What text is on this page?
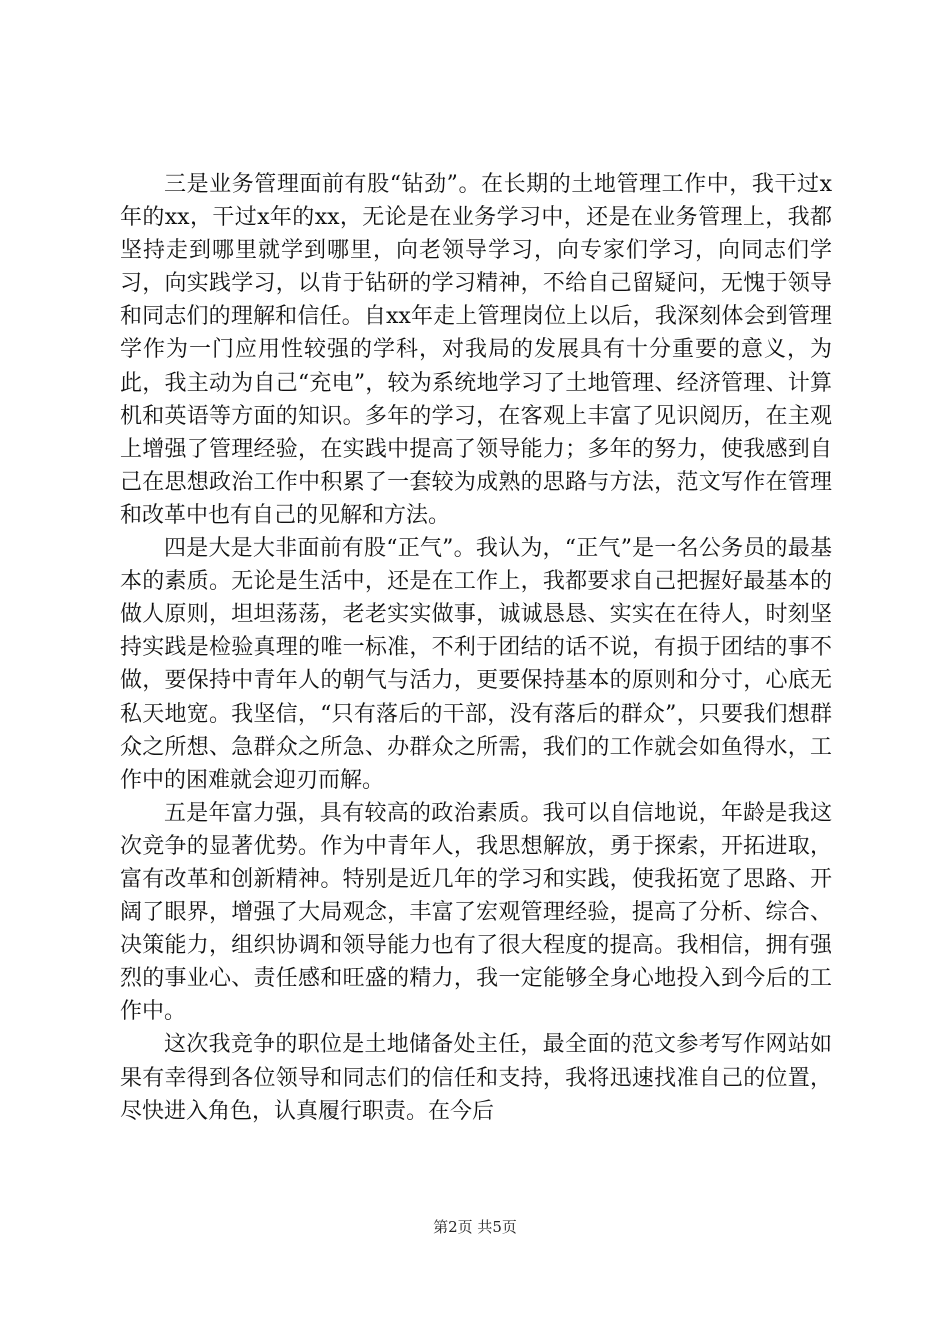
三是业务管理面前有股“钻劲”。在长期的土地管理工作中，我干过x年的xx，干过x年的xx，无论是在业务学习中，还是在业务管理上，我都坚持走到哪里就学到哪里，向老领导学习，向专家们学习，向同志们学习，向实践学习，以肯于钻研的学习精神，不给自己留疑问，无愧于领导和同志们的理解和信任。自xx年走上管理岗位上以后，我深刻体会到管理学作为一门应用性较强的学科，对我局的发展具有十分重要的意义，为此，我主动为自己“充电”，较为系统地学习了土地管理、经济管理、计算机和英语等方面的知识。多年的学习，在客观上丰富了见识阅历，在主观上增强了管理经验，在实践中提高了领导能力；多年的努力，使我感到自己在思想政治工作中积累了一套较为成熟的思路与方法，范文写作在管理和改革中也有自己的见解和方法。

四是大是大非面前有股“正气”。我认为，“正气”是一名公务员的最基本的素质。无论是生活中，还是在工作上，我都要求自己把握好最基本的做人原则，坦坦荡荡，老老实实做事，诚诚恳恳、实实在在待人，时刻坚持实践是检验真理的唯一标准，不利于团结的话不说，有损于团结的事不做，要保持中青年人的朝气与活力，更要保持基本的原则和分寸，心底无私天地宽。我坚信，“只有落后的干部，没有落后的群众”，只要我们想群众之所想、急群众之所急、办群众之所需，我们的工作就会如鱼得水，工作中的困难就会迎刃而解。

五是年富力强，具有较高的政治素质。我可以自信地说，年龄是我这次竞争的显著优势。作为中青年人，我思想解放，勇于探索，开拓进取，富有改革和创新精神。特别是近几年的学习和实践，使我拓宽了思路、开阔了眼界，增强了大局观念，丰富了宏观管理经验，提高了分析、综合、决策能力，组织协调和领导能力也有了很大程度的提高。我相信，拥有强烈的事业心、责任感和旺盛的精力，我一定能够全身心地投入到今后的工作中。

这次我竞争的职位是土地储备处主任，最全面的范文参考写作网站如果有幸得到各位领导和同志们的信任和支持，我将迅速找准自己的位置，尽快进入角色，认真履行职责。在今后

第2页 共5页
